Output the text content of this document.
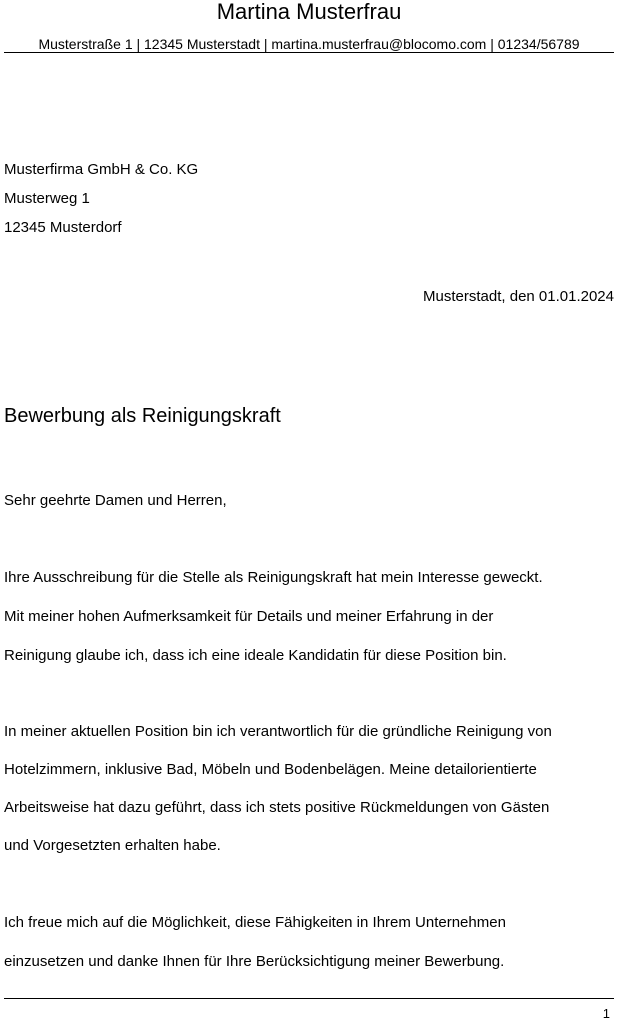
Martina Musterfrau
Musterstraße 1 | 12345 Musterstadt | martina.musterfrau@blocomo.com | 01234/56789
Musterfirma GmbH & Co. KG
Musterweg 1
12345 Musterdorf
Musterstadt, den 01.01.2024
Bewerbung als Reinigungskraft
Sehr geehrte Damen und Herren,
Ihre Ausschreibung für die Stelle als Reinigungskraft hat mein Interesse geweckt.
Mit meiner hohen Aufmerksamkeit für Details und meiner Erfahrung in der
Reinigung glaube ich, dass ich eine ideale Kandidatin für diese Position bin.
In meiner aktuellen Position bin ich verantwortlich für die gründliche Reinigung von
Hotelzimmern, inklusive Bad, Möbeln und Bodenbelägen. Meine detailorientierte
Arbeitsweise hat dazu geführt, dass ich stets positive Rückmeldungen von Gästen
und Vorgesetzten erhalten habe.
Ich freue mich auf die Möglichkeit, diese Fähigkeiten in Ihrem Unternehmen
einzusetzen und danke Ihnen für Ihre Berücksichtigung meiner Bewerbung.
1
